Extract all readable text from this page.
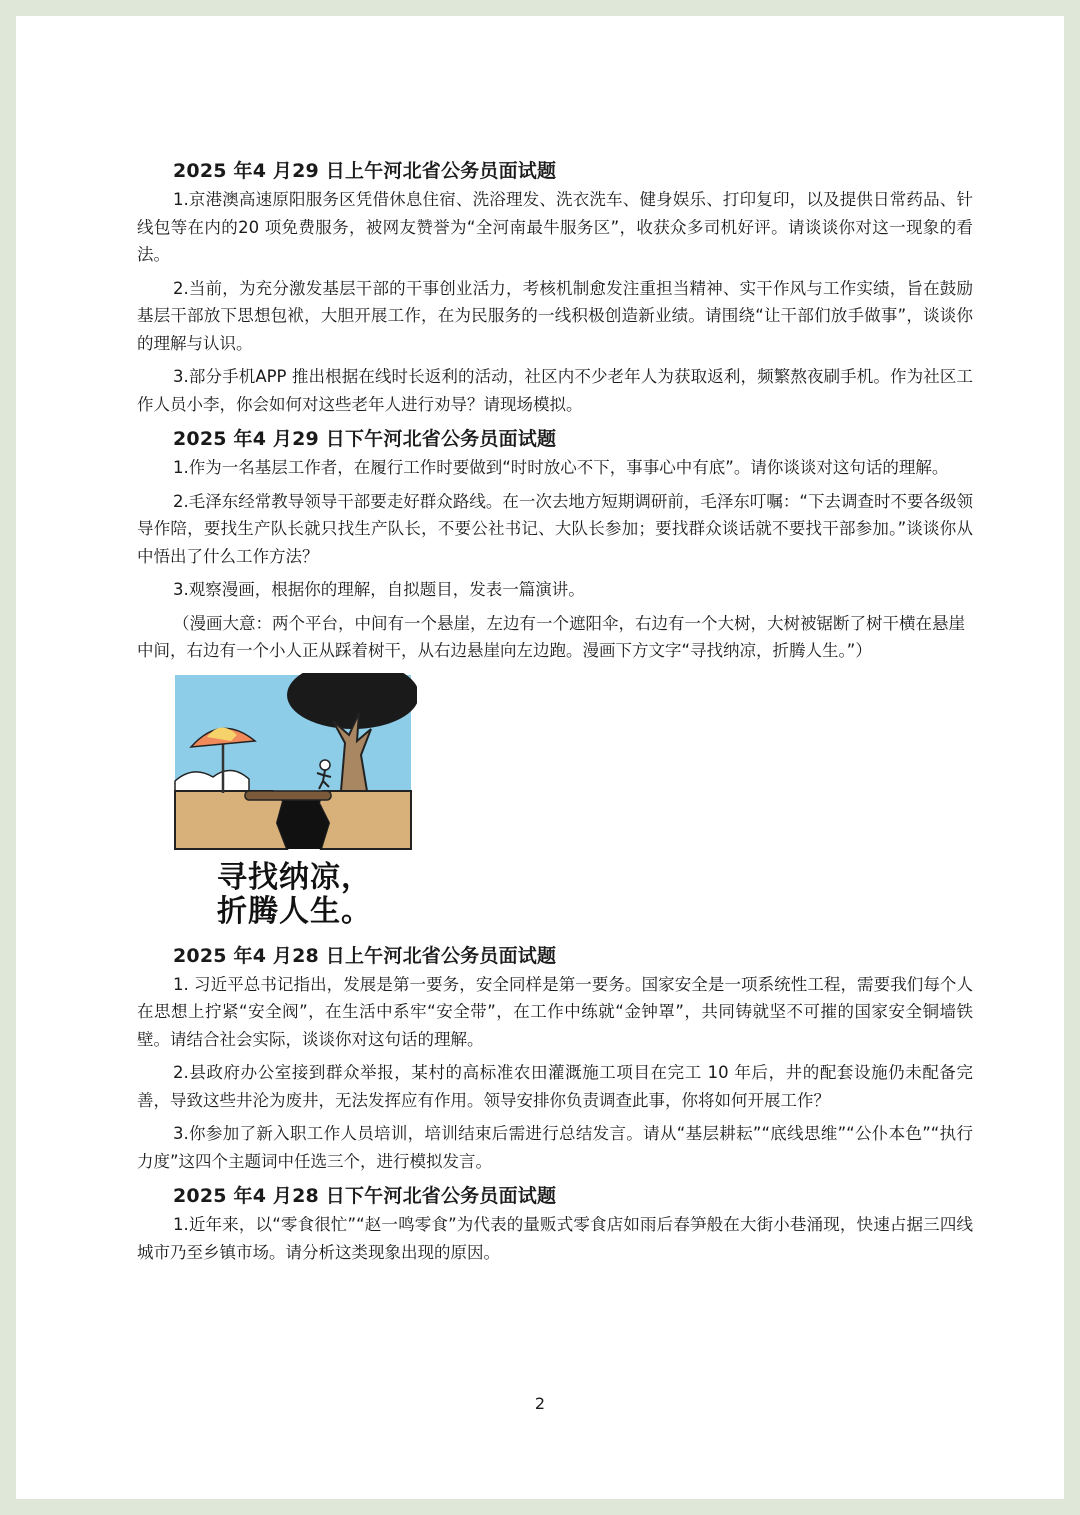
2025 年4 月29 日上午河北省公务员面试题

1.京港澳高速原阳服务区凭借休息住宿、洗浴理发、洗衣洗车、健身娱乐、打印复印，以及提供日常药品、针线包等在内的20 项免费服务，被网友赞誉为“全河南最牛服务区”，收获众多司机好评。请谈谈你对这一现象的看法。

2.当前，为充分激发基层干部的干事创业活力，考核机制愈发注重担当精神、实干作风与工作实绩，旨在鼓励基层干部放下思想包袱，大胆开展工作，在为民服务的一线积极创造新业绩。请围绕“让干部们放手做事”，谈谈你的理解与认识。

3.部分手机APP 推出根据在线时长返利的活动，社区内不少老年人为获取返利，频繁熬夜刷手机。作为社区工作人员小李，你会如何对这些老年人进行劝导？请现场模拟。

2025 年4 月29 日下午河北省公务员面试题

1.作为一名基层工作者，在履行工作时要做到“时时放心不下，事事心中有底”。请你谈谈对这句话的理解。

2.毛泽东经常教导领导干部要走好群众路线。在一次去地方短期调研前，毛泽东叮嘱：“下去调查时不要各级领导作陪，要找生产队长就只找生产队长，不要公社书记、大队长参加；要找群众谈话就不要找干部参加。”谈谈你从中悟出了什么工作方法？

3.观察漫画，根据你的理解，自拟题目，发表一篇演讲。

（漫画大意：两个平台，中间有一个悬崖，左边有一个遮阳伞，右边有一个大树，大树被锯断了树干横在悬崖中间，右边有一个小人正从踩着树干，从右边悬崖向左边跑。漫画下方文字“寻找纳凉，折腾人生。”）

寻找纳凉，
折腾人生。
2025 年4 月28 日上午河北省公务员面试题

1. 习近平总书记指出，发展是第一要务，安全同样是第一要务。国家安全是一项系统性工程，需要我们每个人在思想上拧紧“安全阀”，在生活中系牢“安全带”，在工作中练就“金钟罩”，共同铸就坚不可摧的国家安全铜墙铁壁。请结合社会实际，谈谈你对这句话的理解。

2.县政府办公室接到群众举报，某村的高标准农田灌溉施工项目在完工 10 年后，井的配套设施仍未配备完善，导致这些井沦为废井，无法发挥应有作用。领导安排你负责调查此事，你将如何开展工作？

3.你参加了新入职工作人员培训，培训结束后需进行总结发言。请从“基层耕耘”“底线思维”“公仆本色”“执行力度”这四个主题词中任选三个，进行模拟发言。

2025 年4 月28 日下午河北省公务员面试题

1.近年来，以“零食很忙”“赵一鸣零食”为代表的量贩式零食店如雨后春笋般在大街小巷涌现，快速占据三四线城市乃至乡镇市场。请分析这类现象出现的原因。

2
